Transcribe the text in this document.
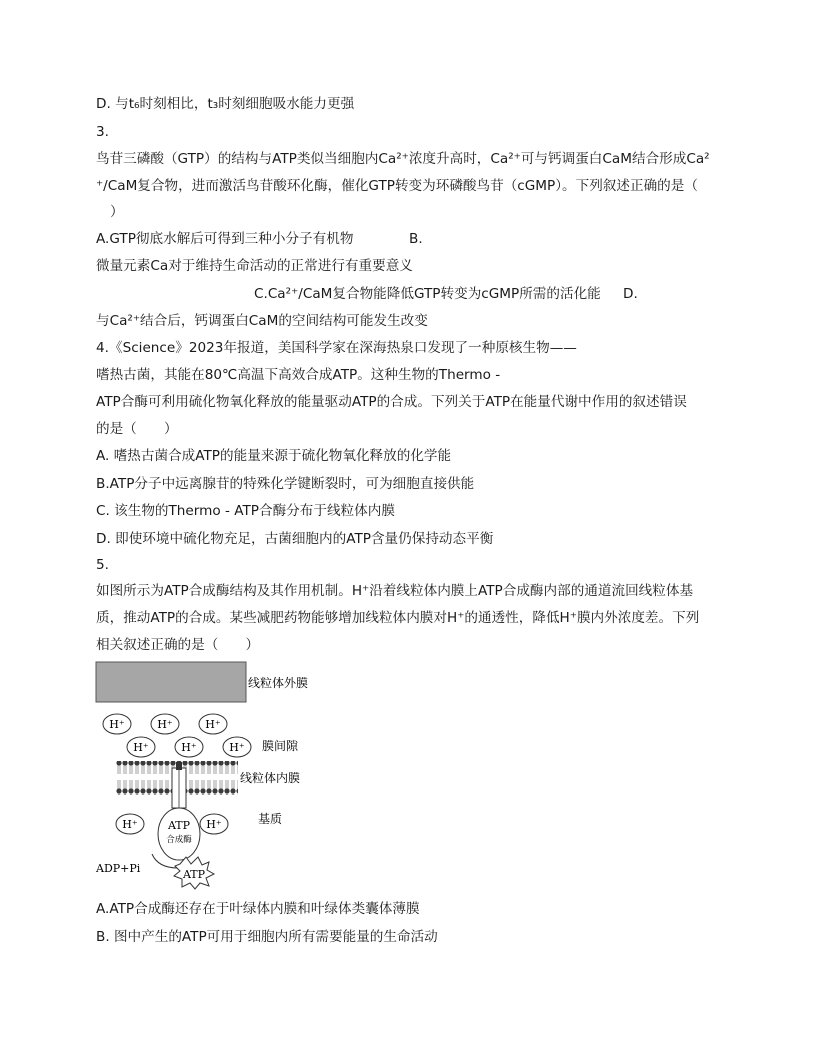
D. 与t₆时刻相比，t₃时刻细胞吸水能力更强
3.
鸟苷三磷酸（GTP）的结构与ATP类似当细胞内Ca²⁺浓度升高时，Ca²⁺可与钙调蛋白CaM结合形成Ca²
⁺/CaM复合物，进而激活鸟苷酸环化酶，催化GTP转变为环磷酸鸟苷（cGMP）。下列叙述正确的是（
）
A.GTP彻底水解后可得到三种小分子有机物	B.
微量元素Ca对于维持生命活动的正常进行有重要意义
C.Ca²⁺/CaM复合物能降低GTP转变为cGMP所需的活化能 D.
与Ca²⁺结合后，钙调蛋白CaM的空间结构可能发生改变
4.《Science》2023年报道，美国科学家在深海热泉口发现了一种原核生物——
嗜热古菌，其能在80℃高温下高效合成ATP。这种生物的Thermo -
ATP合酶可利用硫化物氧化释放的能量驱动ATP的合成。下列关于ATP在能量代谢中作用的叙述错误
的是（　　）
A. 嗜热古菌合成ATP的能量来源于硫化物氧化释放的化学能
B.ATP分子中远离腺苷的特殊化学键断裂时，可为细胞直接供能
C. 该生物的Thermo - ATP合酶分布于线粒体内膜
D. 即使环境中硫化物充足，古菌细胞内的ATP含量仍保持动态平衡
5.
如图所示为ATP合成酶结构及其作用机制。H⁺沿着线粒体内膜上ATP合成酶内部的通道流回线粒体基
质，推动ATP的合成。某些减肥药物能够增加线粒体内膜对H⁺的通透性，降低H⁺膜内外浓度差。下列
相关叙述正确的是（　　）
线粒体外膜
H⁺	H⁺	H⁺
H⁺	H⁺	H⁺ 膜间隙
线粒体内膜
ATP
合成酶
H⁺	H⁺	基质
ADP+Pi	ATP
A.ATP合成酶还存在于叶绿体内膜和叶绿体类囊体薄膜
B. 图中产生的ATP可用于细胞内所有需要能量的生命活动
